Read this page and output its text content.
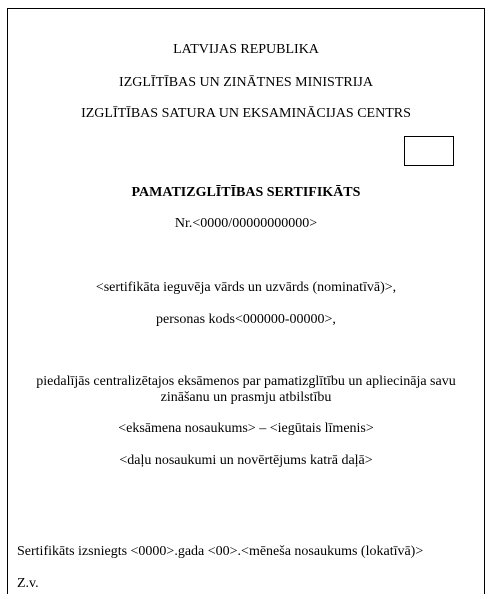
LATVIJAS REPUBLIKA
IZGLĪTĪBAS UN ZINĀTNES MINISTRIJA
IZGLĪTĪBAS SATURA UN EKSAMINĀCIJAS CENTRS
PAMATIZGLĪTĪBAS SERTIFIKĀTS
Nr.<0000/00000000000>
<sertifikāta ieguvēja vārds un uzvārds (nominatīvā)>,
personas kods<000000-00000>,
piedalījās centralizētajos eksāmenos par pamatizglītību un apliecināja savu
zināšanu un prasmju atbilstību
<eksāmena nosaukums> – <iegūtais līmenis>
<daļu nosaukumi un novērtējums katrā daļā>
Sertifikāts izsniegts <0000>.gada <00>.<mēneša nosaukums (lokatīvā)>
Z.v.
